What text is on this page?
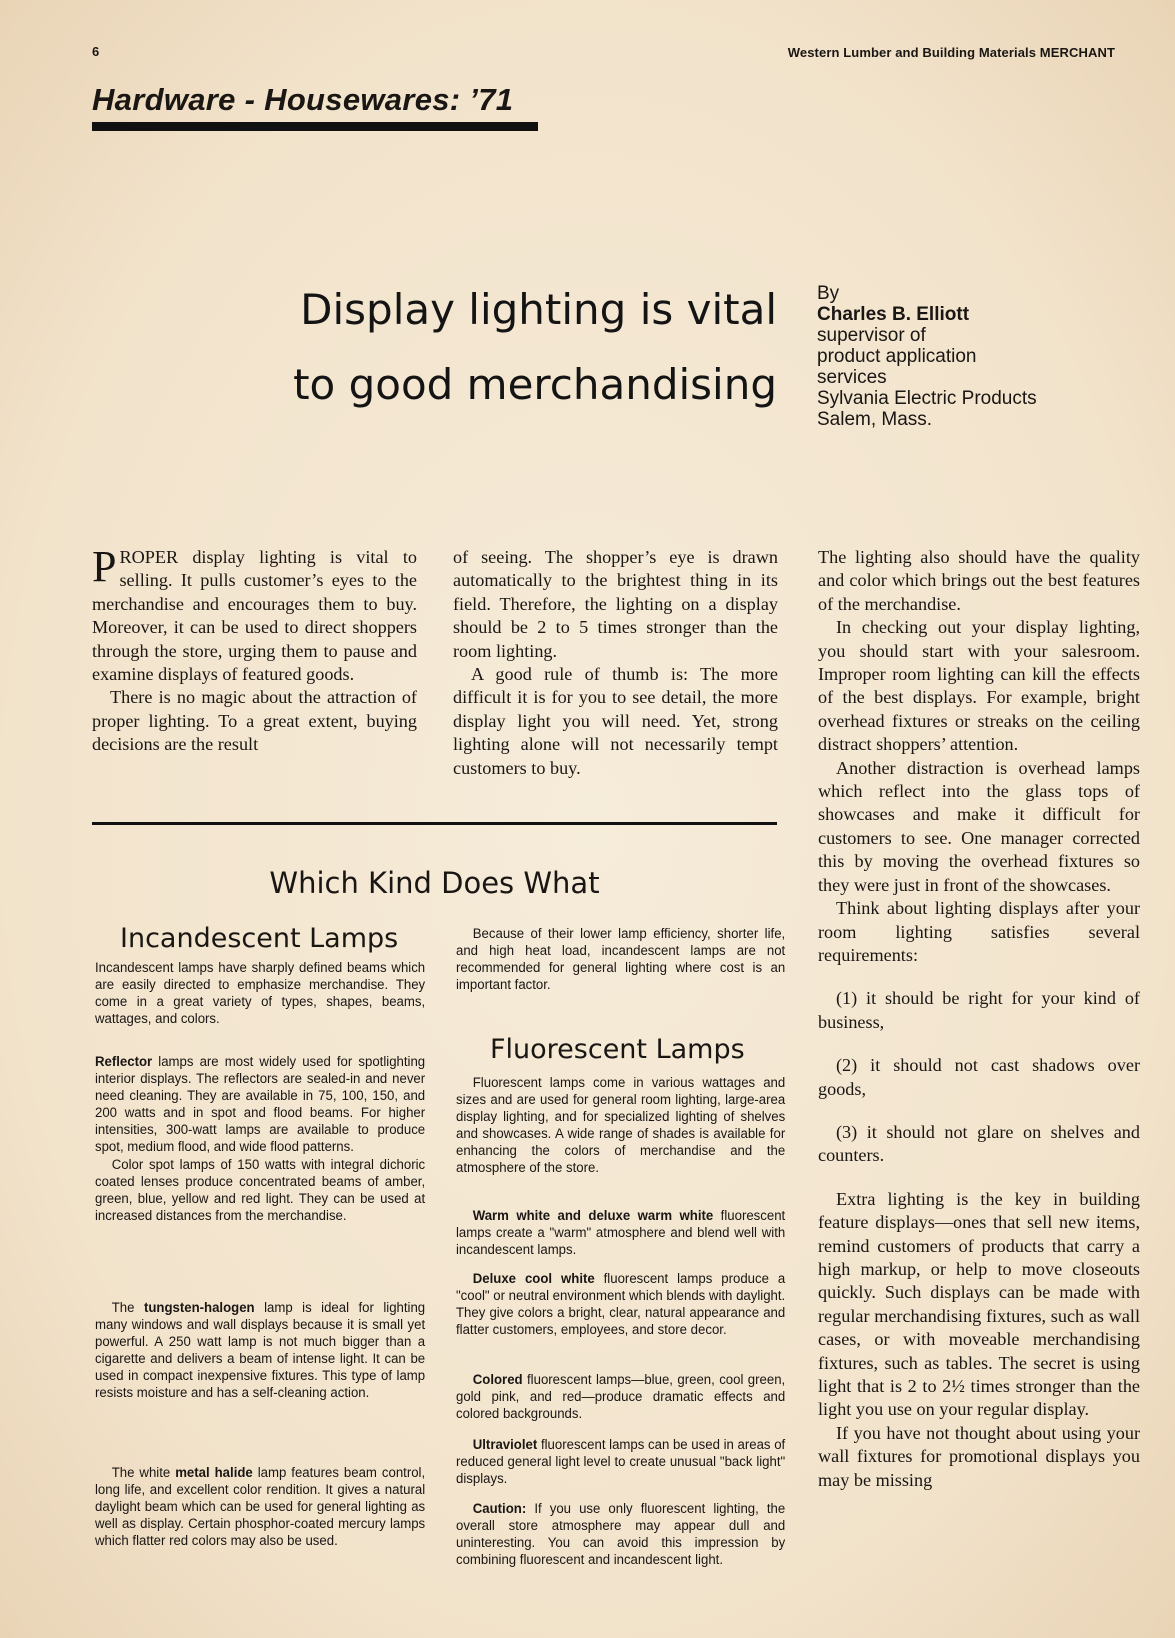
6	Western Lumber and Building Materials MERCHANT
Hardware - Housewares: ’71
Display lighting is vital
to good merchandising
By
Charles B. Elliott
supervisor of
product application
services
Sylvania Electric Products
Salem, Mass.

PROPER display lighting is vital to selling. It pulls customer’s eyes to the merchandise and encourages them to buy. Moreover, it can be used to direct shoppers through the store, urging them to pause and examine displays of featured goods.

There is no magic about the attraction of proper lighting. To a great extent, buying decisions are the result

of seeing. The shopper’s eye is drawn automatically to the brightest thing in its field. Therefore, the lighting on a display should be 2 to 5 times stronger than the room lighting.

A good rule of thumb is: The more difficult it is for you to see detail, the more display light you will need. Yet, strong lighting alone will not necessarily tempt customers to buy.

The lighting also should have the quality and color which brings out the best features of the merchandise.

In checking out your display lighting, you should start with your salesroom. Improper room lighting can kill the effects of the best displays. For example, bright overhead fixtures or streaks on the ceiling distract shoppers’ attention.

Another distraction is overhead lamps which reflect into the glass tops of showcases and make it difficult for customers to see. One manager corrected this by moving the overhead fixtures so they were just in front of the showcases.

Think about lighting displays after your room lighting satisfies several requirements:

(1) it should be right for your kind of business,

(2) it should not cast shadows over goods,

(3) it should not glare on shelves and counters.

Extra lighting is the key in building feature displays—ones that sell new items, remind customers of products that carry a high markup, or help to move closeouts quickly. Such displays can be made with regular merchandising fixtures, such as wall cases, or with moveable merchandising fixtures, such as tables. The secret is using light that is 2 to 2½ times stronger than the light you use on your regular display.

If you have not thought about using your wall fixtures for promotional displays you may be missing

Which Kind Does What
Incandescent Lamps

Incandescent lamps have sharply defined beams which are easily directed to emphasize merchandise. They come in a great variety of types, shapes, beams, wattages, and colors.

Reflector lamps are most widely used for spotlighting interior displays. The reflectors are sealed-in and never need cleaning. They are available in 75, 100, 150, and 200 watts and in spot and flood beams. For higher intensities, 300-watt lamps are available to produce spot, medium flood, and wide flood patterns.

Color spot lamps of 150 watts with integral dichoric coated lenses produce concentrated beams of amber, green, blue, yellow and red light. They can be used at increased distances from the merchandise.

The tungsten-halogen lamp is ideal for lighting many windows and wall displays because it is small yet powerful. A 250 watt lamp is not much bigger than a cigarette and delivers a beam of intense light. It can be used in compact inexpensive fixtures. This type of lamp resists moisture and has a self-cleaning action.

The white metal halide lamp features beam control, long life, and excellent color rendition. It gives a natural daylight beam which can be used for general lighting as well as display. Certain phosphor-coated mercury lamps which flatter red colors may also be used.

Because of their lower lamp efficiency, shorter life, and high heat load, incandescent lamps are not recommended for general lighting where cost is an important factor.

Fluorescent Lamps

Fluorescent lamps come in various wattages and sizes and are used for general room lighting, large-area display lighting, and for specialized lighting of shelves and showcases. A wide range of shades is available for enhancing the colors of merchandise and the atmosphere of the store.

Warm white and deluxe warm white fluorescent lamps create a "warm" atmosphere and blend well with incandescent lamps.

Deluxe cool white fluorescent lamps produce a "cool" or neutral environment which blends with daylight. They give colors a bright, clear, natural appearance and flatter customers, employees, and store decor.

Colored fluorescent lamps—blue, green, cool green, gold pink, and red—produce dramatic effects and colored backgrounds.

Ultraviolet fluorescent lamps can be used in areas of reduced general light level to create unusual "back light" displays.

Caution: If you use only fluorescent lighting, the overall store atmosphere may appear dull and uninteresting. You can avoid this impression by combining fluorescent and incandescent light.
